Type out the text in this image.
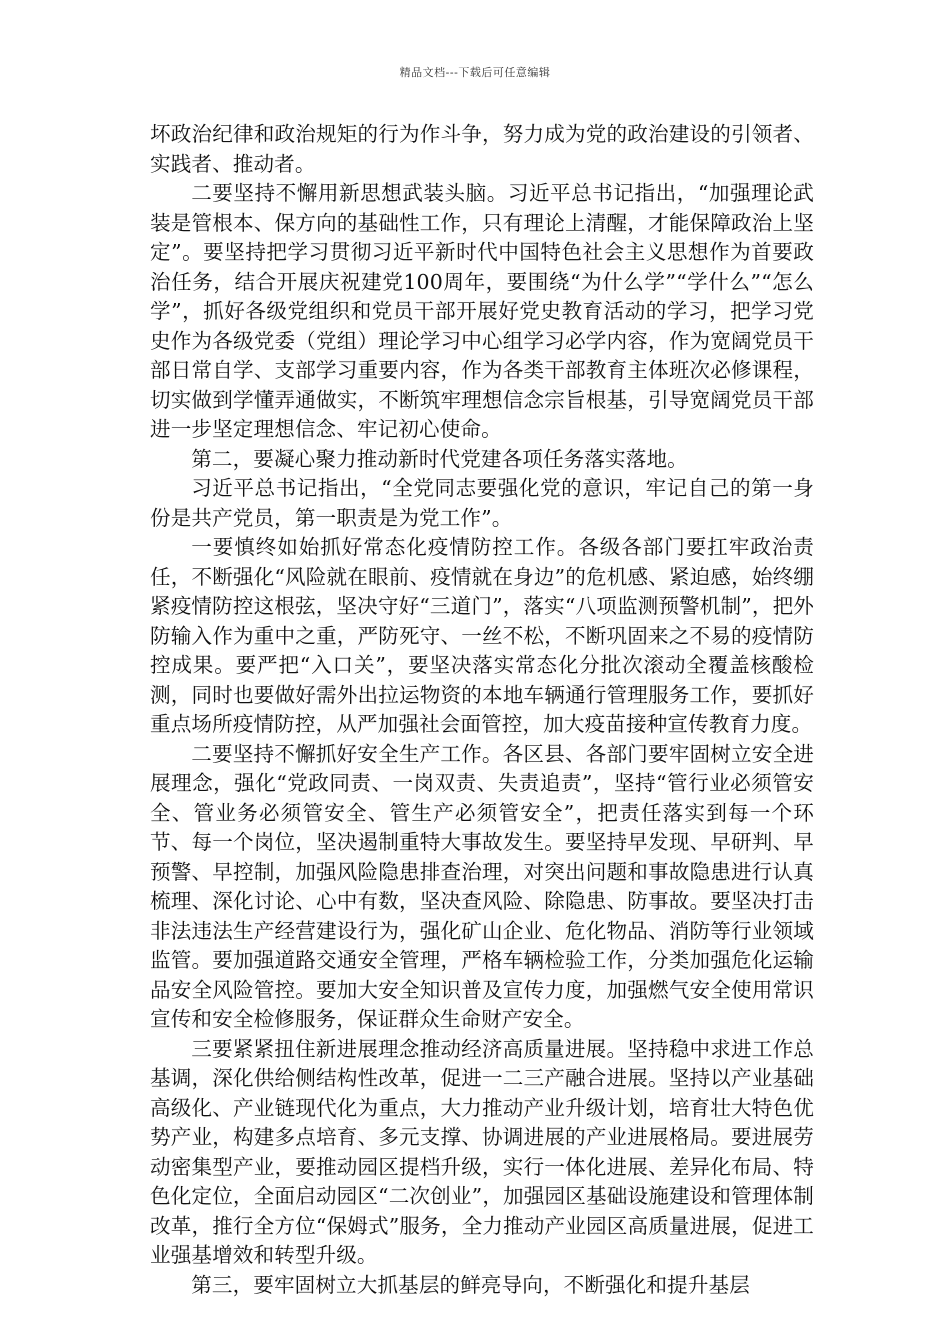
精品文档---下载后可任意编辑

坏政治纪律和政治规矩的行为作斗争，努力成为党的政治建设的引领者、实践者、推动者。

二要坚持不懈用新思想武装头脑。习近平总书记指出，“加强理论武装是管根本、保方向的基础性工作，只有理论上清醒，才能保障政治上坚定”。要坚持把学习贯彻习近平新时代中国特色社会主义思想作为首要政治任务，结合开展庆祝建党100周年，要围绕“为什么学”“学什么”“怎么学”，抓好各级党组织和党员干部开展好党史教育活动的学习，把学习党史作为各级党委（党组）理论学习中心组学习必学内容，作为宽阔党员干部日常自学、支部学习重要内容，作为各类干部教育主体班次必修课程，切实做到学懂弄通做实，不断筑牢理想信念宗旨根基，引导宽阔党员干部进一步坚定理想信念、牢记初心使命。

第二，要凝心聚力推动新时代党建各项任务落实落地。

习近平总书记指出，“全党同志要强化党的意识，牢记自己的第一身份是共产党员，第一职责是为党工作”。

一要慎终如始抓好常态化疫情防控工作。各级各部门要扛牢政治责任，不断强化“风险就在眼前、疫情就在身边”的危机感、紧迫感，始终绷紧疫情防控这根弦，坚决守好“三道门”，落实“八项监测预警机制”，把外防输入作为重中之重，严防死守、一丝不松，不断巩固来之不易的疫情防控成果。要严把“入口关”，要坚决落实常态化分批次滚动全覆盖核酸检测，同时也要做好需外出拉运物资的本地车辆通行管理服务工作，要抓好重点场所疫情防控，从严加强社会面管控，加大疫苗接种宣传教育力度。

二要坚持不懈抓好安全生产工作。各区县、各部门要牢固树立安全进展理念，强化“党政同责、一岗双责、失责追责”，坚持“管行业必须管安全、管业务必须管安全、管生产必须管安全”，把责任落实到每一个环节、每一个岗位，坚决遏制重特大事故发生。要坚持早发现、早研判、早预警、早控制，加强风险隐患排查治理，对突出问题和事故隐患进行认真梳理、深化讨论、心中有数，坚决查风险、除隐患、防事故。要坚决打击非法违法生产经营建设行为，强化矿山企业、危化物品、消防等行业领域监管。要加强道路交通安全管理，严格车辆检验工作，分类加强危化运输品安全风险管控。要加大安全知识普及宣传力度，加强燃气安全使用常识宣传和安全检修服务，保证群众生命财产安全。

三要紧紧扭住新进展理念推动经济高质量进展。坚持稳中求进工作总基调，深化供给侧结构性改革，促进一二三产融合进展。坚持以产业基础高级化、产业链现代化为重点，大力推动产业升级计划，培育壮大特色优势产业，构建多点培育、多元支撑、协调进展的产业进展格局。要进展劳动密集型产业，要推动园区提档升级，实行一体化进展、差异化布局、特色化定位，全面启动园区“二次创业”，加强园区基础设施建设和管理体制改革，推行全方位“保姆式”服务，全力推动产业园区高质量进展，促进工业强基增效和转型升级。

第三，要牢固树立大抓基层的鲜亮导向，不断强化和提升基层
